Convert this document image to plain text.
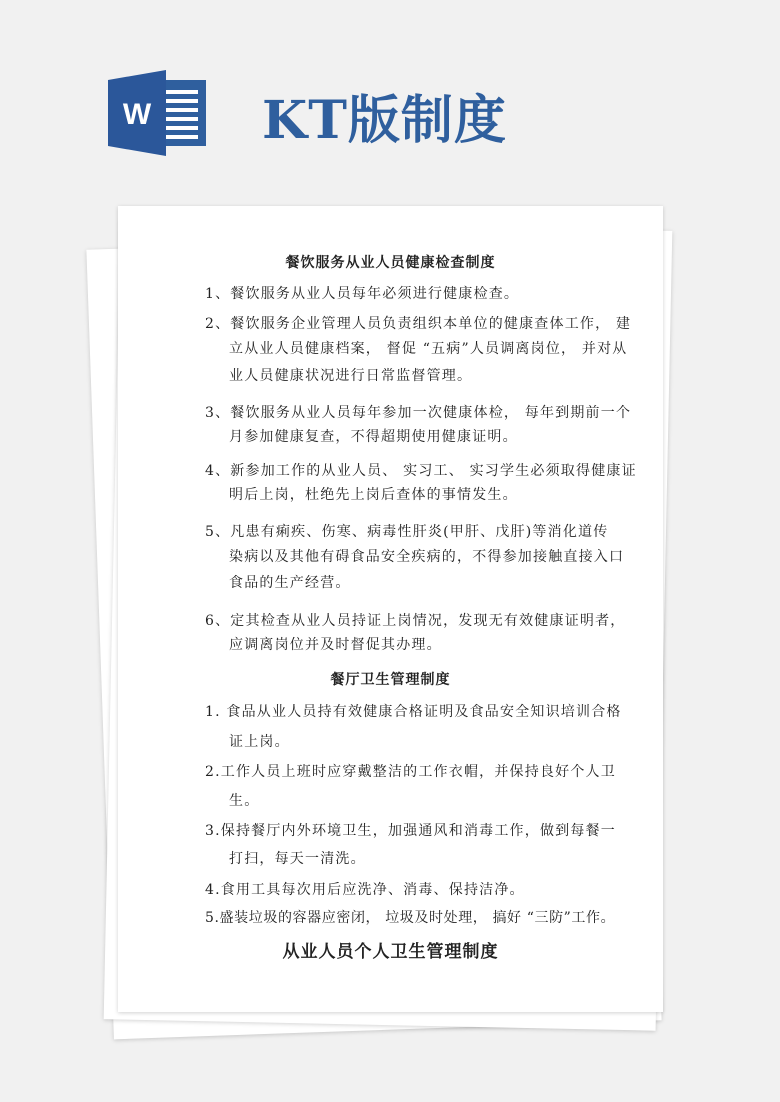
W KT版制度
餐饮服务从业人员健康检查制度
1、餐饮服务从业人员每年必须进行健康检查。
2、餐饮服务企业管理人员负责组织本单位的健康查体工作， 建
立从业人员健康档案， 督促 “五病”人员调离岗位， 并对从
业人员健康状况进行日常监督管理。
3、餐饮服务从业人员每年参加一次健康体检， 每年到期前一个
月参加健康复查，不得超期使用健康证明。
4、新参加工作的从业人员、 实习工、 实习学生必须取得健康证
明后上岗，杜绝先上岗后查体的事情发生。
5、凡患有痢疾、伤寒、病毒性肝炎(甲肝、戊肝)等消化道传
染病以及其他有碍食品安全疾病的，不得参加接触直接入口
食品的生产经营。
6、定其检查从业人员持证上岗情况，发现无有效健康证明者，
应调离岗位并及时督促其办理。
餐厅卫生管理制度
1. 食品从业人员持有效健康合格证明及食品安全知识培训合格
证上岗。
2.工作人员上班时应穿戴整洁的工作衣帽，并保持良好个人卫
生。
3.保持餐厅内外环境卫生，加强通风和消毒工作，做到每餐一
打扫，每天一清洗。
4.食用工具每次用后应洗净、消毒、保持洁净。
5.盛装垃圾的容器应密闭， 垃圾及时处理， 搞好 “三防”工作。
从业人员个人卫生管理制度
